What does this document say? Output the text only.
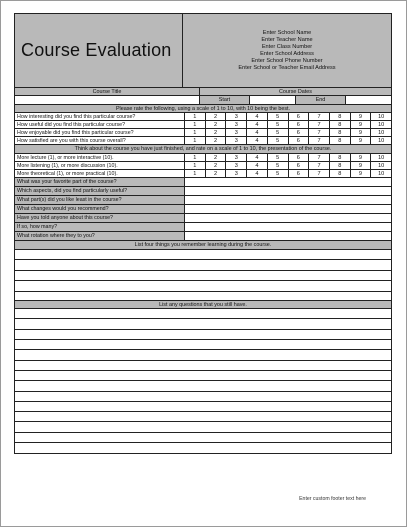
Course Evaluation
Enter School Name
Enter Teacher Name
Enter Class Number
Enter School Address
Enter School Phone Number
Enter School or Teacher Email Address
Course Title	Course Dates
Start	End
Please rate the following, using a scale of 1 to 10, with 10 being the best.
How interesting did you find this particular course?	1	2	3	4	5	6	7	8	9	10
How useful did you find this particular course?	1	2	3	4	5	6	7	8	9	10
How enjoyable did you find this particular course?	1	2	3	4	5	6	7	8	9	10
How satisfied are you with this course overall?	1	2	3	4	5	6	7	8	9	10
Think about the course you have just finished, and rate on a scale of 1 to 10, the presentation of the course.
More lecture (1), or more interactive (10).	1	2	3	4	5	6	7	8	9	10
More listening (1), or more discussion (10).	1	2	3	4	5	6	7	8	9	10
More theoretical (1), or more practical (10).	1	2	3	4	5	6	7	8	9	10
What was your favorite part of the course?
Which aspects, did you find particularly useful?
What part(s) did you like least in the course?
What changes would you recommend?
Have you told anyone about this course?
If so, how many?
What rotation where they to you?
List four things you remember learning during the course.
List any questions that you still have.
Enter custom footer text here
